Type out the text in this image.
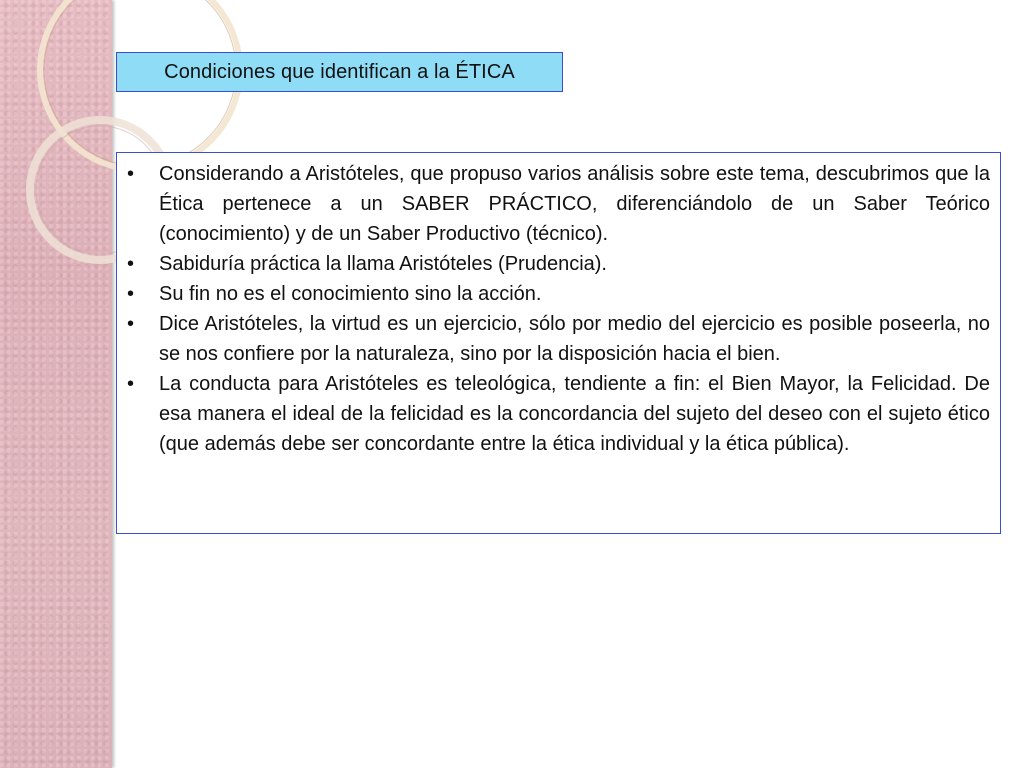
Condiciones que identifican a la ÉTICA
•	Considerando a Aristóteles, que propuso varios análisis sobre este tema, descubrimos que la Ética pertenece a un SABER PRÁCTICO, diferenciándolo de un Saber Teórico (conocimiento) y de un Saber Productivo (técnico).
•	Sabiduría práctica la llama Aristóteles (Prudencia).
•	Su fin no es el conocimiento sino la acción.
•	Dice Aristóteles, la virtud es un ejercicio, sólo por medio del ejercicio es posible poseerla, no se nos confiere por la naturaleza, sino por la disposición hacia el bien.
•	La conducta para Aristóteles es teleológica, tendiente a fin: el Bien Mayor, la Felicidad. De esa manera el ideal de la felicidad es la concordancia del sujeto del deseo con el sujeto ético (que además debe ser concordante entre la ética individual y la ética pública).
